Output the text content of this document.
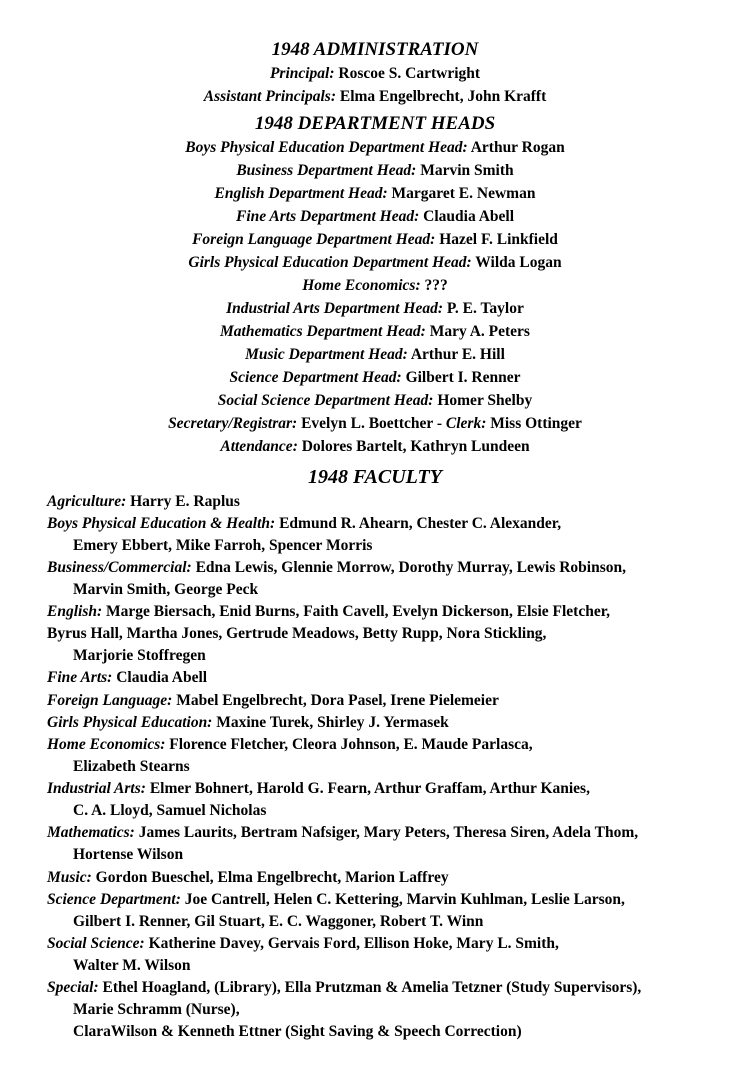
1948 ADMINISTRATION
Principal: Roscoe S. Cartwright
Assistant Principals: Elma Engelbrecht, John Krafft
1948 DEPARTMENT HEADS
Boys Physical Education Department Head: Arthur Rogan
Business Department Head: Marvin Smith
English Department Head: Margaret E. Newman
Fine Arts Department Head: Claudia Abell
Foreign Language Department Head: Hazel F. Linkfield
Girls Physical Education Department Head: Wilda Logan
Home Economics: ???
Industrial Arts Department Head: P. E. Taylor
Mathematics Department Head: Mary A. Peters
Music Department Head: Arthur E. Hill
Science Department Head: Gilbert I. Renner
Social Science Department Head: Homer Shelby
Secretary/Registrar: Evelyn L. Boettcher - Clerk: Miss Ottinger
Attendance: Dolores Bartelt, Kathryn Lundeen
1948 FACULTY
Agriculture: Harry E. Raplus
Boys Physical Education & Health: Edmund R. Ahearn, Chester C. Alexander,
Emery Ebbert, Mike Farroh, Spencer Morris
Business/Commercial: Edna Lewis, Glennie Morrow, Dorothy Murray, Lewis Robinson,
Marvin Smith, George Peck
English: Marge Biersach, Enid Burns, Faith Cavell, Evelyn Dickerson, Elsie Fletcher,
Byrus Hall, Martha Jones, Gertrude Meadows, Betty Rupp, Nora Stickling,
Marjorie Stoffregen
Fine Arts: Claudia Abell
Foreign Language: Mabel Engelbrecht, Dora Pasel, Irene Pielemeier
Girls Physical Education: Maxine Turek, Shirley J. Yermasek
Home Economics: Florence Fletcher, Cleora Johnson, E. Maude Parlasca,
Elizabeth Stearns
Industrial Arts: Elmer Bohnert, Harold G. Fearn, Arthur Graffam, Arthur Kanies,
C. A. Lloyd, Samuel Nicholas
Mathematics: James Laurits, Bertram Nafsiger, Mary Peters, Theresa Siren, Adela Thom,
Hortense Wilson
Music: Gordon Bueschel, Elma Engelbrecht, Marion Laffrey
Science Department: Joe Cantrell, Helen C. Kettering, Marvin Kuhlman, Leslie Larson,
Gilbert I. Renner, Gil Stuart, E. C. Waggoner, Robert T. Winn
Social Science: Katherine Davey, Gervais Ford, Ellison Hoke, Mary L. Smith,
Walter M. Wilson
Special: Ethel Hoagland, (Library), Ella Prutzman & Amelia Tetzner (Study Supervisors),
Marie Schramm (Nurse),
ClaraWilson & Kenneth Ettner (Sight Saving & Speech Correction)
